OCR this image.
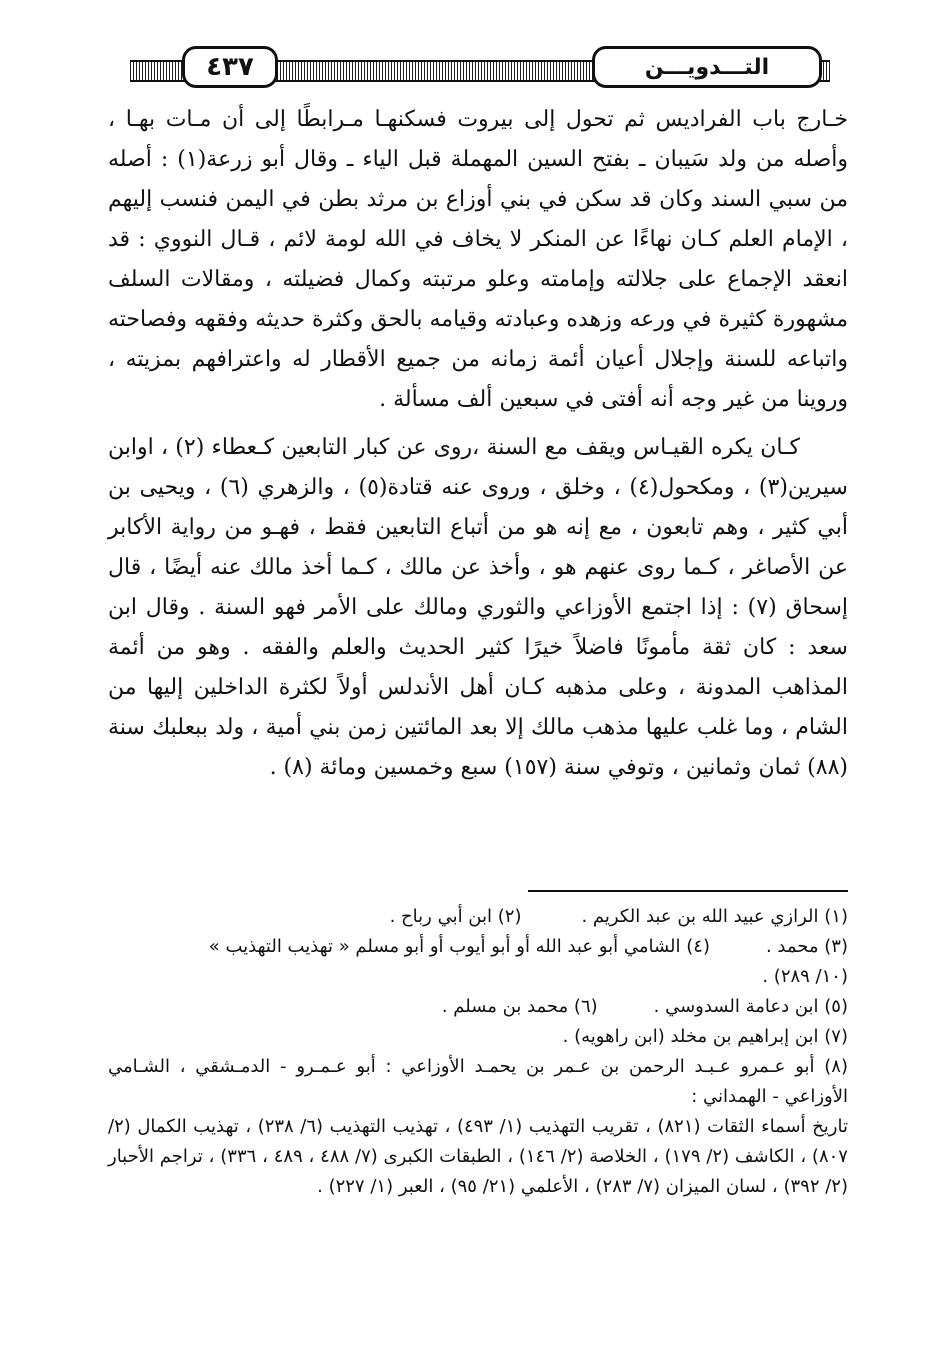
٤٣٧	التـــدويـــن

خـارج باب الفراديس ثم تحول إلى بيروت فسكنهـا مـرابطًا إلى أن مـات بهـا ، وأصله من ولد سَيبان ـ بفتح السين المهملة قبل الياء ـ وقال أبو زرعة(١) : أصله من سبي السند وكان قد سكن في بني أوزاع بن مرثد بطن في اليمن فنسب إليهم ، الإمام العلم كـان نهاءًا عن المنكر لا يخاف في الله لومة لائم ، قـال النووي : قد انعقد الإجماع على جلالته وإمامته وعلو مرتبته وكمال فضيلته ، ومقالات السلف مشهورة كثيرة في ورعه وزهده وعبادته وقيامه بالحق وكثرة حديثه وفقهه وفصاحته واتباعه للسنة وإجلال أعيان أئمة زمانه من جميع الأقطار له واعترافهم بمزيته ، وروينا من غير وجه أنه أفتى في سبعين ألف مسألة .

كـان يكره القيـاس ويقف مع السنة ،روى عن كبار التابعين كـعطاء (٢) ، اوابن سيرين(٣) ، ومكحول(٤) ، وخلق ، وروى عنه قتادة(٥) ، والزهري (٦) ، ويحيى بن أبي كثير ، وهم تابعون ، مع إنه هو من أتباع التابعين فقط ، فهـو من رواية الأكابر عن الأصاغر ، كـما روى عنهم هو ، وأخذ عن مالك ، كـما أخذ مالك عنه أيضًا ، قال إسحاق (٧) : إذا اجتمع الأوزاعي والثوري ومالك على الأمر فهو السنة . وقال ابن سعد : كان ثقة مأمونًا فاضلاً خيرًا كثير الحديث والعلم والفقه . وهو من أئمة المذاهب المدونة ، وعلى مذهبه كـان أهل الأندلس أولاً لكثرة الداخلين إليها من الشام ، وما غلب عليها مذهب مالك إلا بعد المائتين زمن بني أمية ، ولد ببعلبك سنة (٨٨) ثمان وثمانين ، وتوفي سنة (١٥٧) سبع وخمسين ومائة (٨) .

(١) الرازي عبيد الله بن عبد الكريم .
(٢) ابن أبي رباح .
(٣) محمد .
(٤) الشامي أبو عبد الله أو أبو أيوب أو أبو مسلم « تهذيب التهذيب »

(١٠/ ٢٨٩) .

(٥) ابن دعامة السدوسي .
(٦) محمد بن مسلم .

(٧) ابن إبراهيم بن مخلد (ابن راهويه) .

(٨) أبو عـمرو عـبـد الرحمن بن عـمر بن يحمـد الأوزاعي : أبو عـمـرو - الدمـشقي ، الشـامي الأوزاعي - الهمداني :

تاريخ أسماء الثقات (٨٢١) ، تقريب التهذيب (١/ ٤٩٣) ، تهذيب التهذيب (٦/ ٢٣٨) ، تهذيب الكمال (٢/ ٨٠٧) ، الكاشف (٢/ ١٧٩) ، الخلاصة (٢/ ١٤٦) ، الطبقات الكبرى (٧/ ٤٨٨ ، ٤٨٩ ، ٣٣٦) ، تراجم الأحبار (٢/ ٣٩٢) ، لسان الميزان (٧/ ٢٨٣) ، الأعلمي (٢١/ ٩٥) ، العبر (١/ ٢٢٧) .
